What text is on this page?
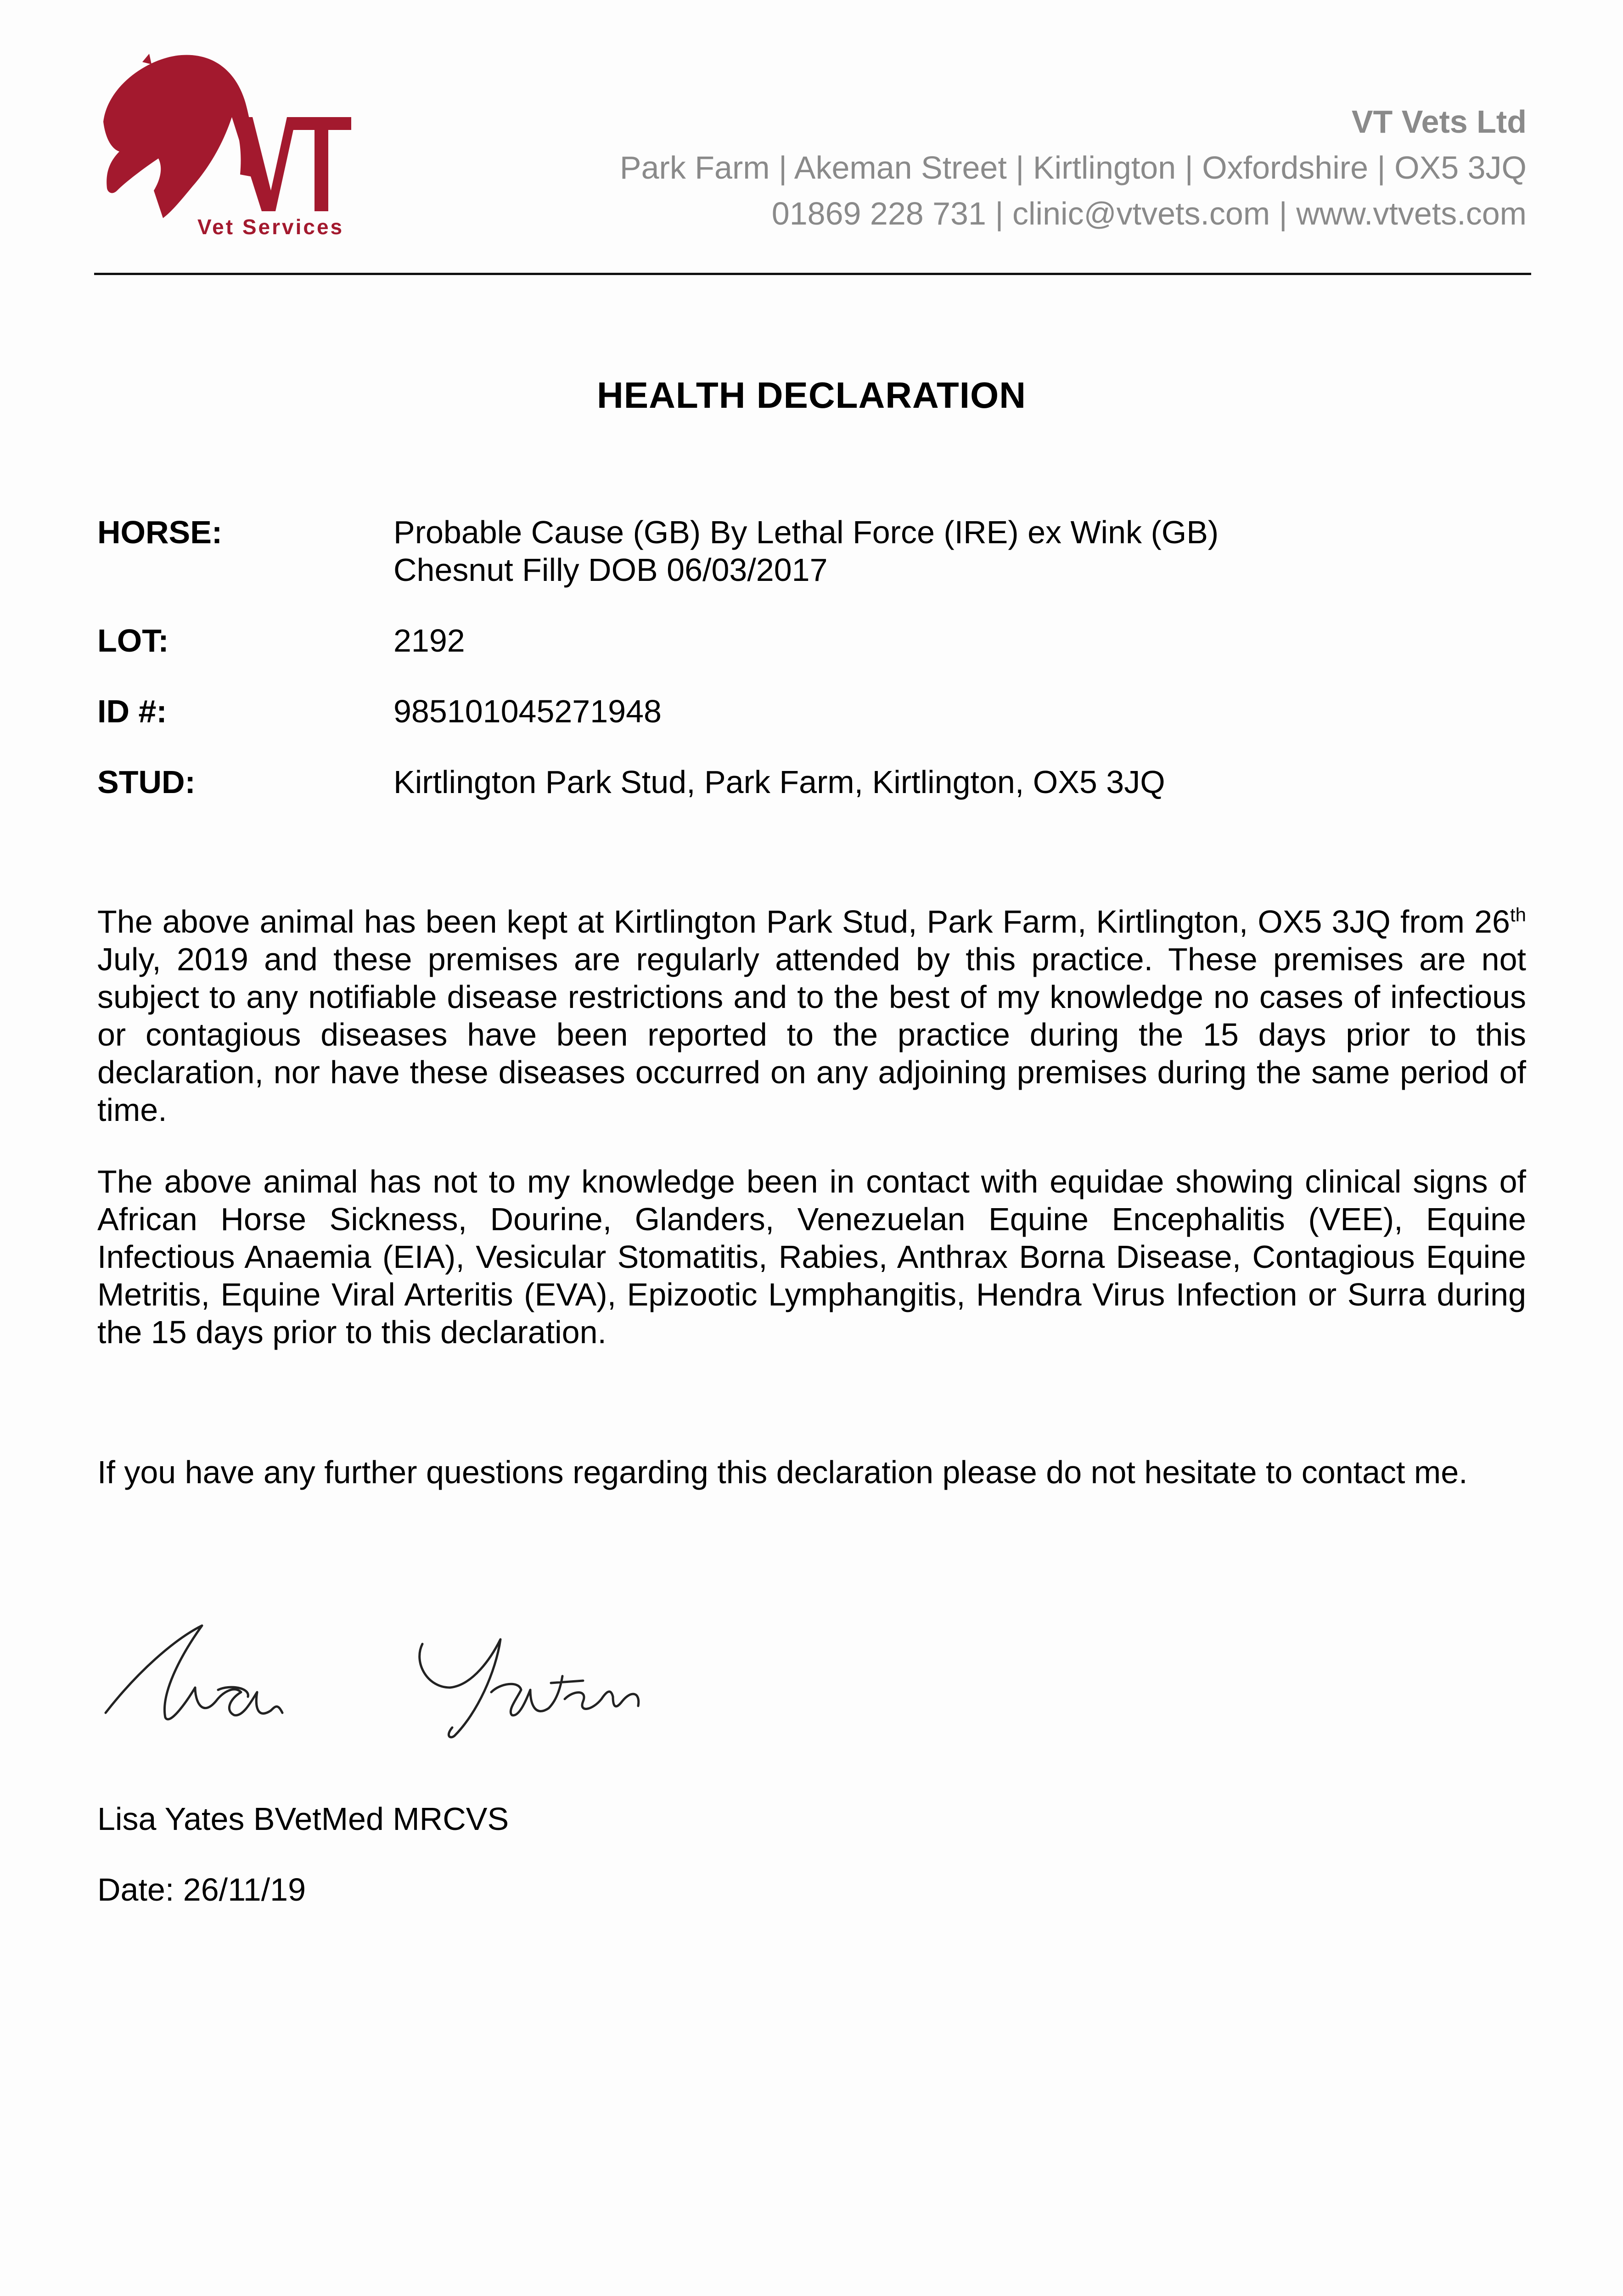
Vet Services
VT Vets Ltd
Park Farm | Akeman Street | Kirtlington | Oxfordshire | OX5 3JQ
01869 228 731 | clinic@vtvets.com | www.vtvets.com
HEALTH DECLARATION
HORSE:	Probable Cause (GB) By Lethal Force (IRE) ex Wink (GB)
Chesnut Filly DOB 06/03/2017
LOT:	2192
ID #:	985101045271948
STUD:	Kirtlington Park Stud, Park Farm, Kirtlington, OX5 3JQ
The above animal has been kept at Kirtlington Park Stud, Park Farm, Kirtlington, OX5 3JQ from 26th July, 2019 and these premises are regularly attended by this practice. These premises are not subject to any notifiable disease restrictions and to the best of my knowledge no cases of infectious or contagious diseases have been reported to the practice during the 15 days prior to this declaration, nor have these diseases occurred on any adjoining premises during the same period of time.
The above animal has not to my knowledge been in contact with equidae showing clinical signs of African Horse Sickness, Dourine, Glanders, Venezuelan Equine Encephalitis (VEE), Equine Infectious Anaemia (EIA), Vesicular Stomatitis, Rabies, Anthrax Borna Disease, Contagious Equine Metritis, Equine Viral Arteritis (EVA), Epizootic Lymphangitis, Hendra Virus Infection or Surra during the 15 days prior to this declaration.
If you have any further questions regarding this declaration please do not hesitate to contact me.
Lisa Yates BVetMed MRCVS
Date: 26/11/19
